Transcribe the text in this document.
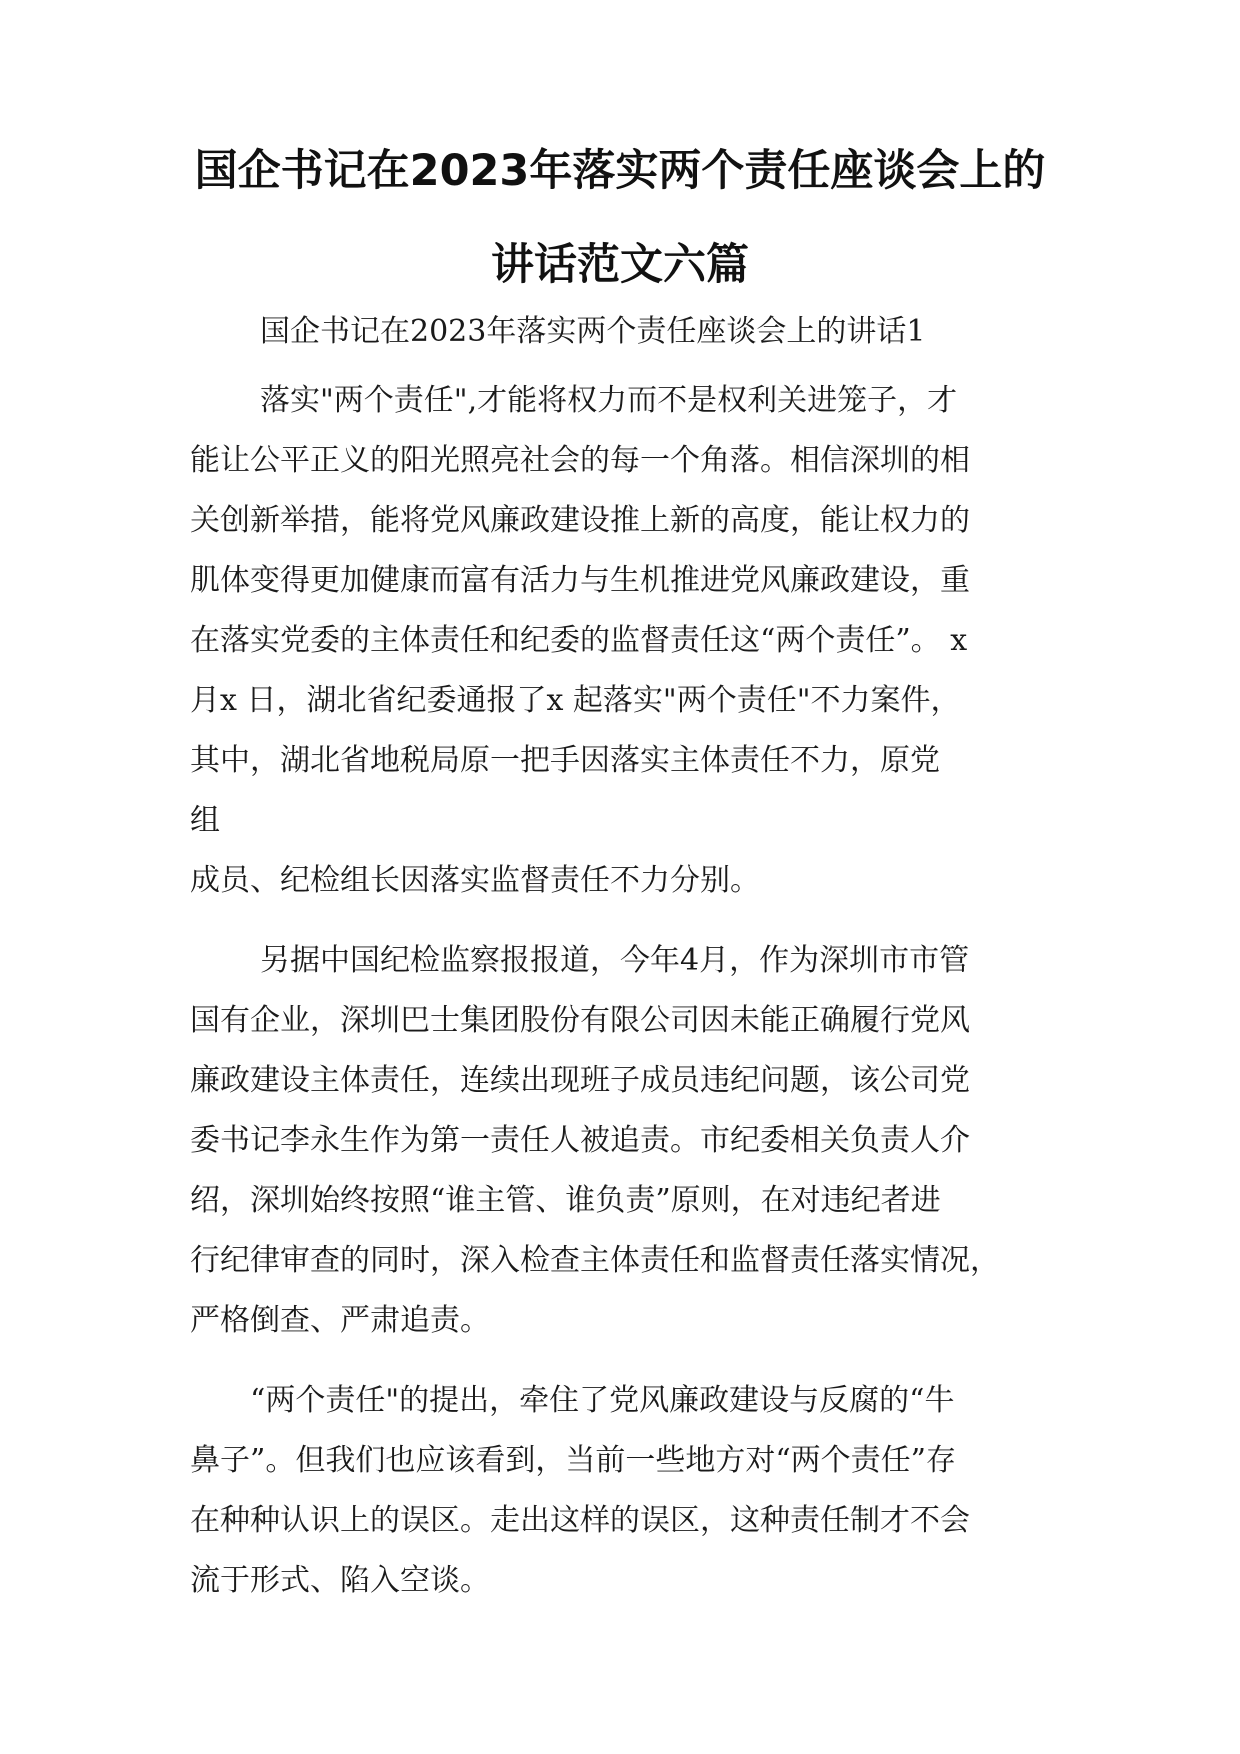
国企书记在2023年落实两个责任座谈会上的
讲话范文六篇

国企书记在2023年落实两个责任座谈会上的讲话1

落实"两个责任",才能将权力而不是权利关进笼子，才

能让公平正义的阳光照亮社会的每一个角落。相信深圳的相

关创新举措，能将党风廉政建设推上新的高度，能让权力的

肌体变得更加健康而富有活力与生机推进党风廉政建设，重

在落实党委的主体责任和纪委的监督责任这“两个责任”。 x

月x 日，湖北省纪委通报了x 起落实"两个责任"不力案件，

其中，湖北省地税局原一把手因落实主体责任不力，原党

组

成员、纪检组长因落实监督责任不力分别。

另据中国纪检监察报报道，今年4月，作为深圳市市管

国有企业，深圳巴士集团股份有限公司因未能正确履行党风

廉政建设主体责任，连续出现班子成员违纪问题，该公司党

委书记李永生作为第一责任人被追责。市纪委相关负责人介

绍，深圳始终按照“谁主管、谁负责”原则，在对违纪者进

行纪律审查的同时，深入检查主体责任和监督责任落实情况，

严格倒查、严肃追责。

“两个责任"的提出，牵住了党风廉政建设与反腐的“牛

鼻子”。但我们也应该看到，当前一些地方对“两个责任”存

在种种认识上的误区。走出这样的误区，这种责任制才不会

流于形式、陷入空谈。
